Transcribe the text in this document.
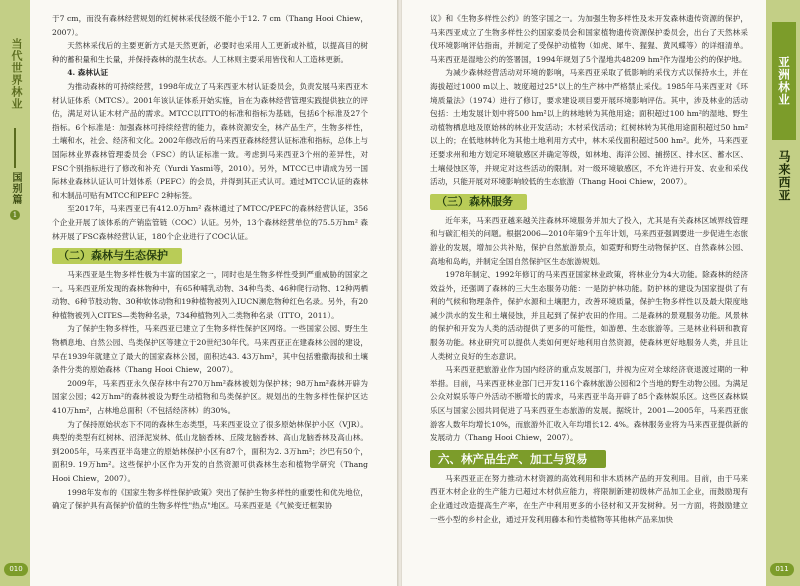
当代世界林业
国别篇
1

于7 cm，而没有森林经营规划的红树林采伐径级不能小于12. 7 cm（Thang Hooi Chiew，2007）。

天然林采伐后的主要更新方式是天然更新，必要时也采用人工更新或补植，以提高目的树种的蓄积量和生长量，并保持森林的混生状态。人工林则主要采用皆伐和人工造林更新。

4. 森林认证

为推动森林的可持续经营，1998年成立了马来西亚木材认证委员会，负责发展马来西亚木材认证体系（MTCS）。2001年该认证体系开始实施，旨在为森林经营管理实践提供独立的评估，满足对认证木材产品的需求。MTCC以ITTO的标准和指标为基础，包括6个标准及27个指标。6个标准是：加强森林可持续经营的能力，森林资源安全，林产品生产，生物多样性，土壤和水，社会、经济和文化。2002年修改后的马来西亚森林经营认证标准和指标，总体上与国际林业界森林管理委员会（FSC）的认证标准一致。考虑到马来西亚3个州的差异性，对FSC个别指标进行了修改和补充（Yurdi Yasmi等，2010）。另外，MTCC已申请成为另一国际林业森林认证认可计划体系（PEFC）的会员，并得到其正式认可。通过MTCC认证的森林和木制品可贴有MTCC和PEFC 2种标签。

至2017年，马来西亚已有412.0万hm² 森林通过了MTCC/PEFC的森林经营认证，356个企业开展了该体系的产销监管链（COC）认证。另外，13个森林经营单位的75.5万hm² 森林开展了FSC森林经营认证，180个企业进行了COC认证。

（二）森林与生态保护

马来西亚是生物多样性极为丰富的国家之一，同时也是生物多样性受到严重威胁的国家之一。马来西亚所发现的森林物种中，有65种哺乳动物、34种鸟类、46种爬行动物、12种两栖动物、6种节肢动物、30种软体动物和19种植物被列入IUCN濒危物种红色名录。另外，有20种植物被列入CITES—类物种名录，734种植物列入二类物种名录（ITTO，2011）。

为了保护生物多样性，马来西亚已建立了生物多样性保护区网络。一些国家公园、野生生物栖息地、自然公园、鸟类保护区等建立于20世纪30年代。马来西亚正在建森林公园的建设，早在1939年就建立了最大的国家森林公园，面积达43. 43万hm²，其中包括雅撒海拔和土壤条件分类的原始森林（Thang Hooi Chiew，2007）。

2009年，马来西亚永久保存林中有270万hm²森林被划为保护林；98万hm²森林开辟为国家公园；42万hm²的森林被设为野生动植物和鸟类保护区。规划出的生物多样性保护区达410万hm²，占林地总面积（不包括经济林）的30%。

为了保持原始状态下不同的森林生态类型，马来西亚设立了很多原始林保护小区（VJR）。典型的类型有红树林、沼泽泥炭林、低山龙脑香林、丘陵龙脑香林、高山龙脑香林及高山林。到2005年，马来西亚半岛建立的原始林保护小区有87个，面积为2. 3万hm²；沙巴有50个，面积9. 19万hm²。这些保护小区作为开发的自然资源可供森林生态和植物学研究（Thang Hooi Chiew，2007）。

1998年发布的《国家生物多样性保护政策》突出了保护生物多样性的重要性和优先地位，确定了保护具有高保护价值的生物多样性"热点"地区。马来西亚是《气候变迁框架协

010

议》和《生物多样性公约》的签字国之一。为加强生物多样性及未开发森林遗传资源的保护，马来西亚成立了生物多样性公约国家委员会和国家植物遗传资源保护委员会，出台了天然林采伐环境影响评估指南，并制定了受保护动植物（如虎、犀牛、猩猩、黄风蝶等）的详细清单。马来西亚是湿地公约的签署国，1994年规划了5个湿地共48209 hm²作为湿地公约的保护地。

为减少森林经营活动对环境的影响，马来西亚采取了低影响的采伐方式以保持水土，并在海拔超过1000 m以上、坡度超过25°以上的生产林中严格禁止采伐。1985年马来西亚对《环境质量法》（1974）进行了修订，要求建设项目要开展环境影响评估。其中，涉及林业的活动包括：土地发展计划中将500 hm²以上的林地转为其他用途；面积超过100 hm²的湿地、野生动植物栖息地及原始林的林业开发活动；木材采伐活动；红树林转为其他用途面积超过50 hm²以上的；在低地林转化为其他土地利用方式中，林木采伐面积超过500 hm²。此外，马来西亚还要求州和地方划定环境敏感区并确定等级，如林地、海洋公园、捕捞区、排水区、蓄水区、土壤侵蚀区等，并规定对这些活动的限制。对一级环境敏感区，不允许进行开发、农业和采伐活动，只能开展对环境影响较低的生态旅游（Thang Hooi Chiew，2007）。

（三）森林服务

近年来，马来西亚越来越关注森林环境服务并加大了投入，尤其是有关森林区域界线管理和与碳汇相关的问题。根据2006—2010年第9个五年计划，马来西亚强调要进一步促进生态旅游业的发展，增加公共补贴，保护自然旅游景点，如霓野和野生动物保护区、自然森林公园、高地和岛屿，并制定全国自然保护区生态旅游规划。

1978年制定、1992年修订的马来西亚国家林业政策，将林业分为4大功能。除森林的经济效益外，还强调了森林的三大生态服务功能：一是防护林功能。防护林的建设为国家提供了有利的气候和物理条件，保护水源和土壤肥力，改善环境质量，保护生物多样性以及最大限度地减少洪水的发生和土壤侵蚀，并且起到了保护农田的作用。二是森林的景观服务功能。风景林的保护和开发为人类的活动提供了更多的可能性，如游憩、生态旅游等。三是林业科研和教育服务功能。林业研究可以提供人类如何更好地利用自然资源，使森林更好地服务人类，并且让人类树立良好的生态意识。

马来西亚把旅游业作为国内经济的重点发展部门，并视为应对全球经济衰退渡过期的一种举措。目前，马来西亚林业部门已开发116个森林旅游公园和2个当地的野生动物公园。为满足公众对娱乐等户外活动不断增长的需求，马来西亚半岛开辟了85个森林娱乐区。这些区森林娱乐区与国家公园共同促进了马来西亚生态旅游的发展。据统计，2001—2005年，马来西亚旅游客人数年均增长10%，而旅游外汇收入年均增长12. 4%。森林服务业将为马来西亚提供新的发展动力（Thang Hooi Chiew，2007）。

六、林产品生产、加工与贸易

马来西亚正在努力推动木材资源的高效利用和非木质林产品的开发利用。目前，由于马来西亚木材企业的生产能力已超过木材供应能力，将限制新建初级林产品加工企业，而鼓励现有企业通过改造提高生产率，在生产中利用更多的小径材和又开发树种。另一方面，将鼓励建立一些小型的乡村企业，通过开发利用藤本和竹类植物等其他林产品来加快

亚洲林业
马来西亚
011
